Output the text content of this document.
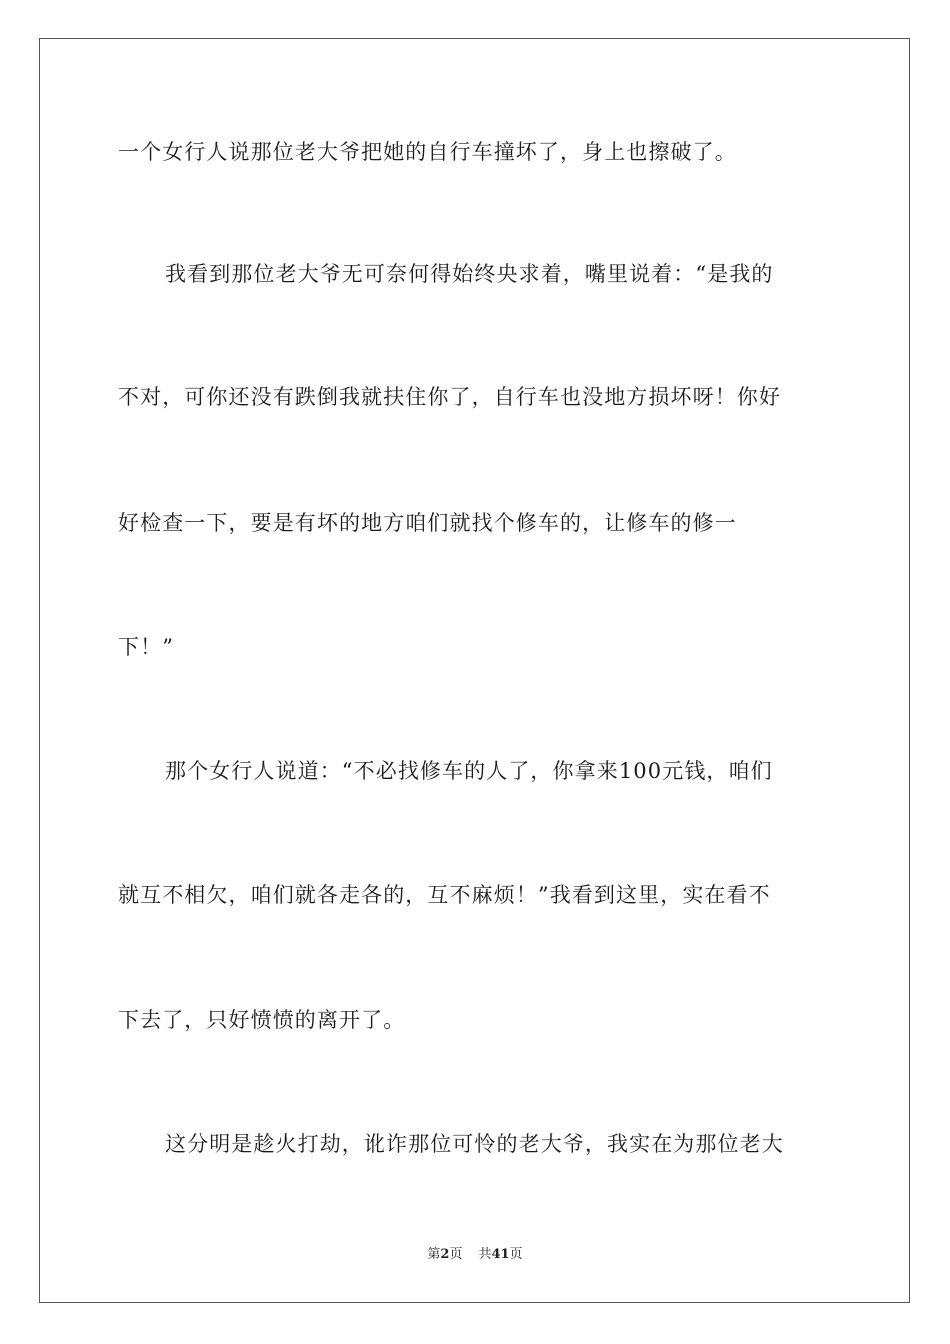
一个女行人说那位老大爷把她的自行车撞坏了，身上也擦破了。
我看到那位老大爷无可奈何得始终央求着，嘴里说着：“是我的
不对，可你还没有跌倒我就扶住你了，自行车也没地方损坏呀！你好
好检查一下，要是有坏的地方咱们就找个修车的，让修车的修一
下！”
那个女行人说道：“不必找修车的人了，你拿来100元钱，咱们
就互不相欠，咱们就各走各的，互不麻烦！”我看到这里，实在看不
下去了，只好愤愤的离开了。
这分明是趁火打劫，讹诈那位可怜的老大爷，我实在为那位老大
第2页 共41页
